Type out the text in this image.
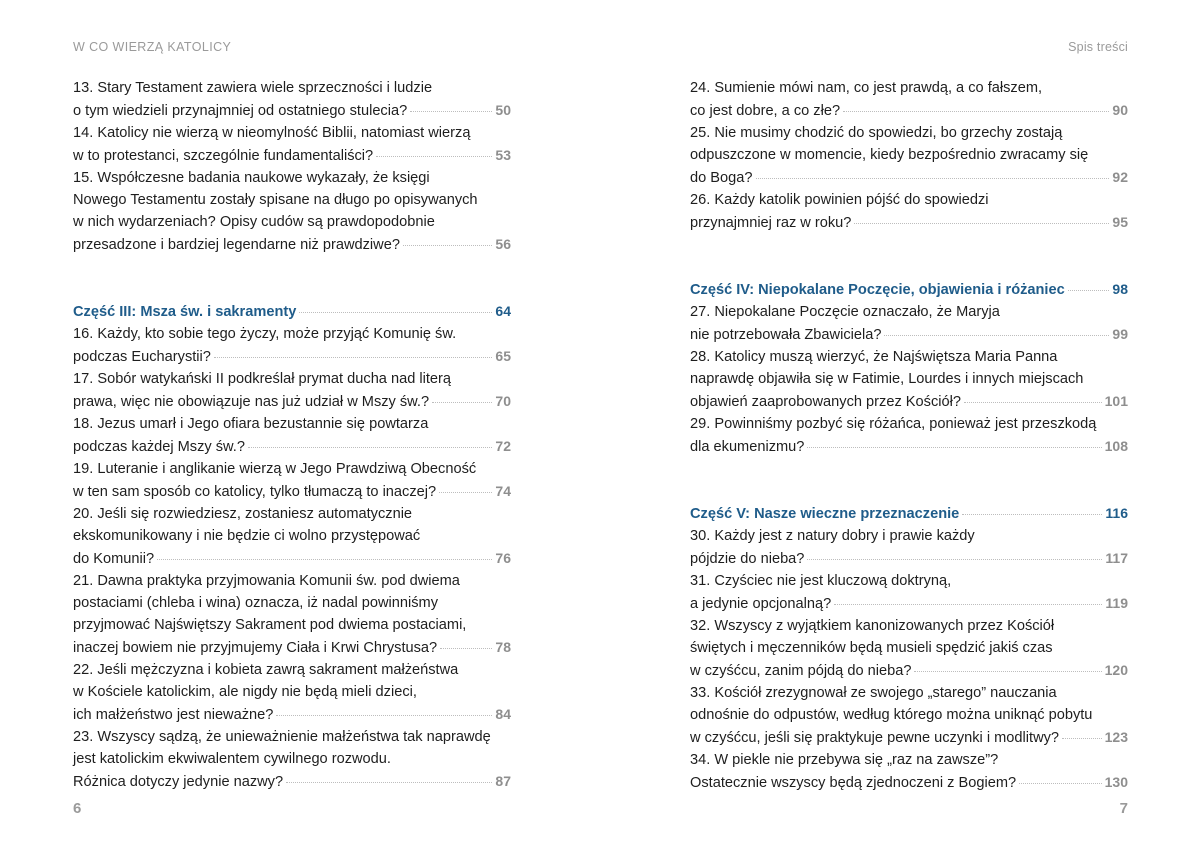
W CO WIERZĄ KATOLICY
13. Stary Testament zawiera wiele sprzeczności i ludzie
o tym wiedzieli przynajmniej od ostatniego stulecia?	50
14. Katolicy nie wierzą w nieomylność Biblii, natomiast wierzą
w to protestanci, szczególnie fundamentaliści?	53
15. Współczesne badania naukowe wykazały, że księgi
Nowego Testamentu zostały spisane na długo po opisywanych
w nich wydarzeniach? Opisy cudów są prawdopodobnie
przesadzone i bardziej legendarne niż prawdziwe?	56
Część III: Msza św. i sakramenty	64
16. Każdy, kto sobie tego życzy, może przyjąć Komunię św.
podczas Eucharystii?	65
17. Sobór watykański II podkreślał prymat ducha nad literą
prawa, więc nie obowiązuje nas już udział w Mszy św.?	70
18. Jezus umarł i Jego ofiara bezustannie się powtarza
podczas każdej Mszy św.?	72
19. Luteranie i anglikanie wierzą w Jego Prawdziwą Obecność
w ten sam sposób co katolicy, tylko tłumaczą to inaczej?	74
20. Jeśli się rozwiedziesz, zostaniesz automatycznie
ekskomunikowany i nie będzie ci wolno przystępować
do Komunii?	76
21. Dawna praktyka przyjmowania Komunii św. pod dwiema
postaciami (chleba i wina) oznacza, iż nadal powinniśmy
przyjmować Najświętszy Sakrament pod dwiema postaciami,
inaczej bowiem nie przyjmujemy Ciała i Krwi Chrystusa?	78
22. Jeśli mężczyzna i kobieta zawrą sakrament małżeństwa
w Kościele katolickim, ale nigdy nie będą mieli dzieci,
ich małżeństwo jest nieważne?	84
23. Wszyscy sądzą, że unieważnienie małżeństwa tak naprawdę
jest katolickim ekwiwalentem cywilnego rozwodu.
Różnica dotyczy jedynie nazwy?	87
6
Spis treści
24. Sumienie mówi nam, co jest prawdą, a co fałszem,
co jest dobre, a co złe?	90
25. Nie musimy chodzić do spowiedzi, bo grzechy zostają
odpuszczone w momencie, kiedy bezpośrednio zwracamy się
do Boga?	92
26. Każdy katolik powinien pójść do spowiedzi
przynajmniej raz w roku?	95
Część IV: Niepokalane Poczęcie, objawienia i różaniec	98
27. Niepokalane Poczęcie oznaczało, że Maryja
nie potrzebowała Zbawiciela?	99
28. Katolicy muszą wierzyć, że Najświętsza Maria Panna
naprawdę objawiła się w Fatimie, Lourdes i innych miejscach
objawień zaaprobowanych przez Kościół?	101
29. Powinniśmy pozbyć się różańca, ponieważ jest przeszkodą
dla ekumenizmu?	108
Część V: Nasze wieczne przeznaczenie	116
30. Każdy jest z natury dobry i prawie każdy
pójdzie do nieba?	117
31. Czyściec nie jest kluczową doktryną,
a jedynie opcjonalną?	119
32. Wszyscy z wyjątkiem kanonizowanych przez Kościół
świętych i męczenników będą musieli spędzić jakiś czas
w czyśćcu, zanim pójdą do nieba?	120
33. Kościół zrezygnował ze swojego „starego” nauczania
odnośnie do odpustów, według którego można uniknąć pobytu
w czyśćcu, jeśli się praktykuje pewne uczynki i modlitwy?	123
34. W piekle nie przebywa się „raz na zawsze”?
Ostatecznie wszyscy będą zjednoczeni z Bogiem?	130
7
